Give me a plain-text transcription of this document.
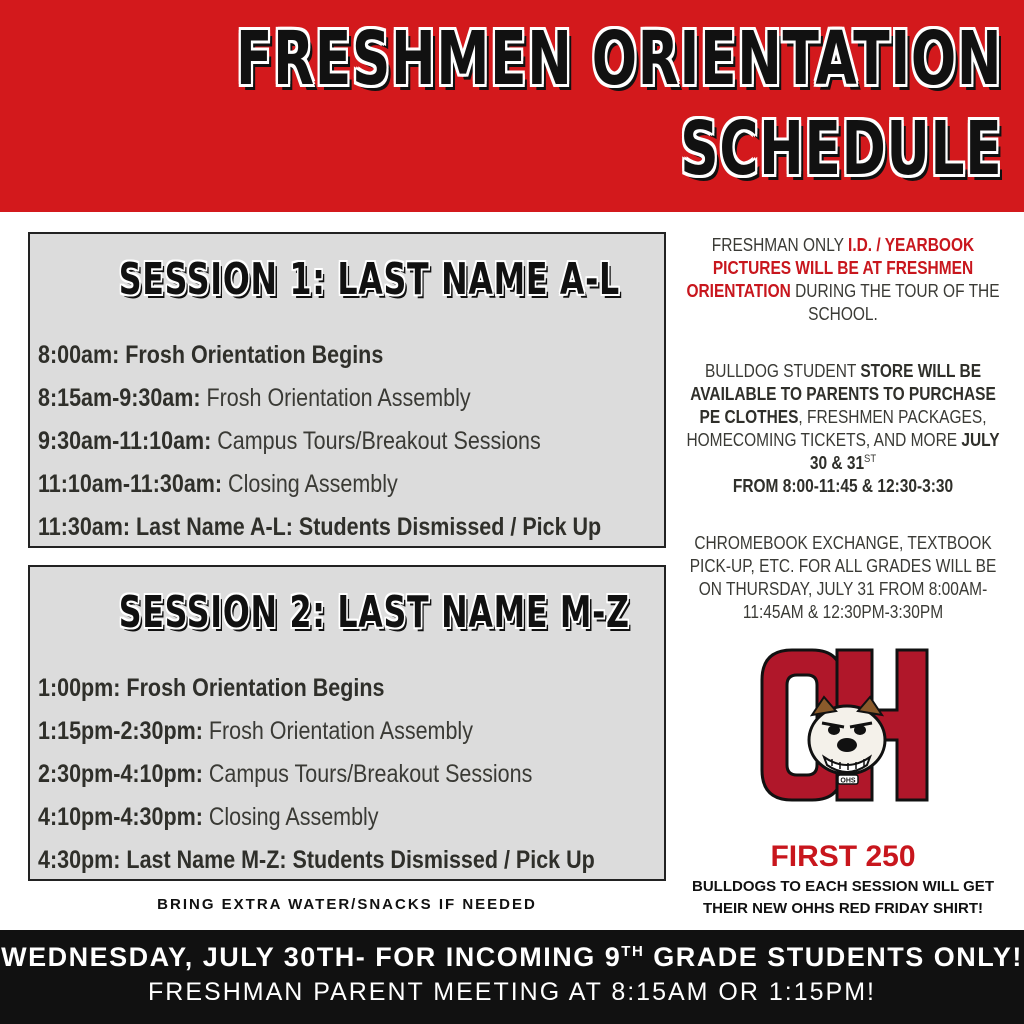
FRESHMEN ORIENTATION
SCHEDULE
SESSION 1: LAST NAME A-L
8:00am: Frosh Orientation Begins
8:15am-9:30am: Frosh Orientation Assembly
9:30am-11:10am: Campus Tours/Breakout Sessions
11:10am-11:30am: Closing Assembly
11:30am: Last Name A-L: Students Dismissed / Pick Up
SESSION 2: LAST NAME M-Z
1:00pm: Frosh Orientation Begins
1:15pm-2:30pm: Frosh Orientation Assembly
2:30pm-4:10pm: Campus Tours/Breakout Sessions
4:10pm-4:30pm: Closing Assembly
4:30pm: Last Name M-Z: Students Dismissed / Pick Up
BRING EXTRA WATER/SNACKS IF NEEDED
FRESHMAN ONLY I.D. / YEARBOOK PICTURES WILL BE AT FRESHMEN ORIENTATION DURING THE TOUR OF THE SCHOOL.
BULLDOG STUDENT STORE WILL BE AVAILABLE TO PARENTS TO PURCHASE PE CLOTHES, FRESHMEN PACKAGES, HOMECOMING TICKETS, AND MORE JULY 30 & 31ST
FROM 8:00-11:45 & 12:30-3:30
CHROMEBOOK EXCHANGE, TEXTBOOK PICK-UP, ETC. FOR ALL GRADES WILL BE ON THURSDAY, JULY 31 FROM 8:00AM-11:45AM & 12:30PM-3:30PM
OHS
FIRST 250
BULLDOGS TO EACH SESSION WILL GET
THEIR NEW OHHS RED FRIDAY SHIRT!
WEDNESDAY, JULY 30TH- FOR INCOMING 9TH GRADE STUDENTS ONLY!
FRESHMAN PARENT MEETING AT 8:15AM OR 1:15PM!
